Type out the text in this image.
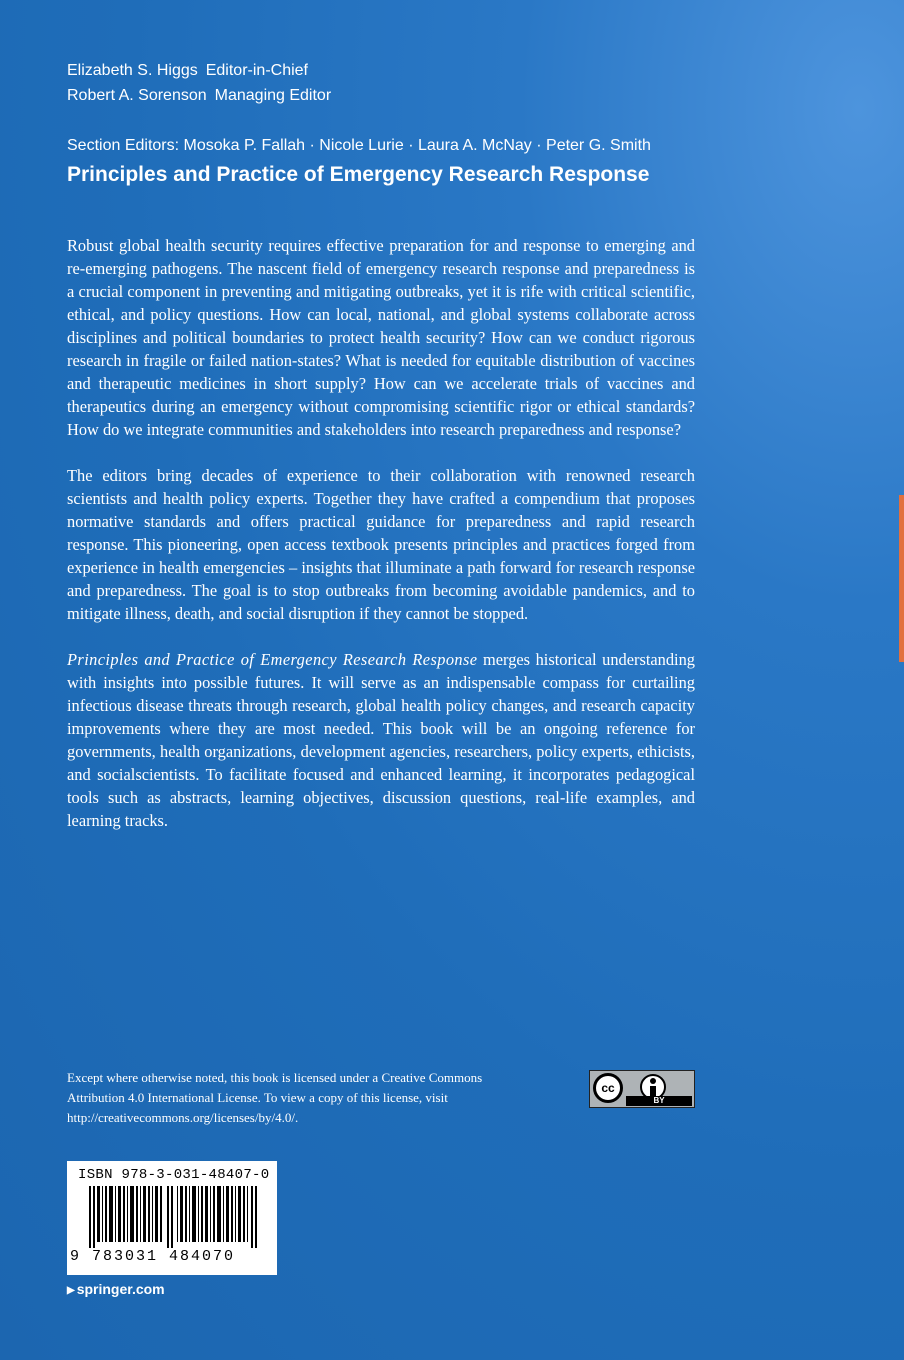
Elizabeth S. Higgs Editor-in-Chief
Robert A. Sorenson Managing Editor
Section Editors: Mosoka P. Fallah · Nicole Lurie · Laura A. McNay · Peter G. Smith
Principles and Practice of Emergency Research Response

Robust global health security requires effective preparation for and response to emerging and re-emerging pathogens. The nascent field of emergency research response and preparedness is a crucial component in preventing and mitigating outbreaks, yet it is rife with critical scientific, ethical, and policy questions. How can local, national, and global systems collaborate across disciplines and political boundaries to protect health security? How can we conduct rigorous research in fragile or failed nation-states? What is needed for equitable distribution of vaccines and therapeutic medicines in short supply? How can we accelerate trials of vaccines and therapeutics during an emergency without compromising scientific rigor or ethical standards? How do we integrate communities and stakeholders into research preparedness and response?

The editors bring decades of experience to their collaboration with renowned research scientists and health policy experts. Together they have crafted a compendium that proposes normative standards and offers practical guidance for preparedness and rapid research response. This pioneering, open access textbook presents principles and practices forged from experience in health emergencies – insights that illuminate a path forward for research response and preparedness. The goal is to stop outbreaks from becoming avoidable pandemics, and to mitigate illness, death, and social disruption if they cannot be stopped.

Principles and Practice of Emergency Research Response merges historical understanding with insights into possible futures. It will serve as an indispensable compass for curtailing infectious disease threats through research, global health policy changes, and research capacity improvements where they are most needed. This book will be an ongoing reference for governments, health organizations, development agencies, researchers, policy experts, ethicists, and socialscientists. To facilitate focused and enhanced learning, it incorporates pedagogical tools such as abstracts, learning objectives, discussion questions, real-life examples, and learning tracks.

Except where otherwise noted, this book is licensed under a Creative Commons Attribution 4.0 International License. To view a copy of this license, visit http://creativecommons.org/licenses/by/4.0/.
cc
BY
ISBN 978-3-031-48407-0
9 783031 484070
▶ springer.com
